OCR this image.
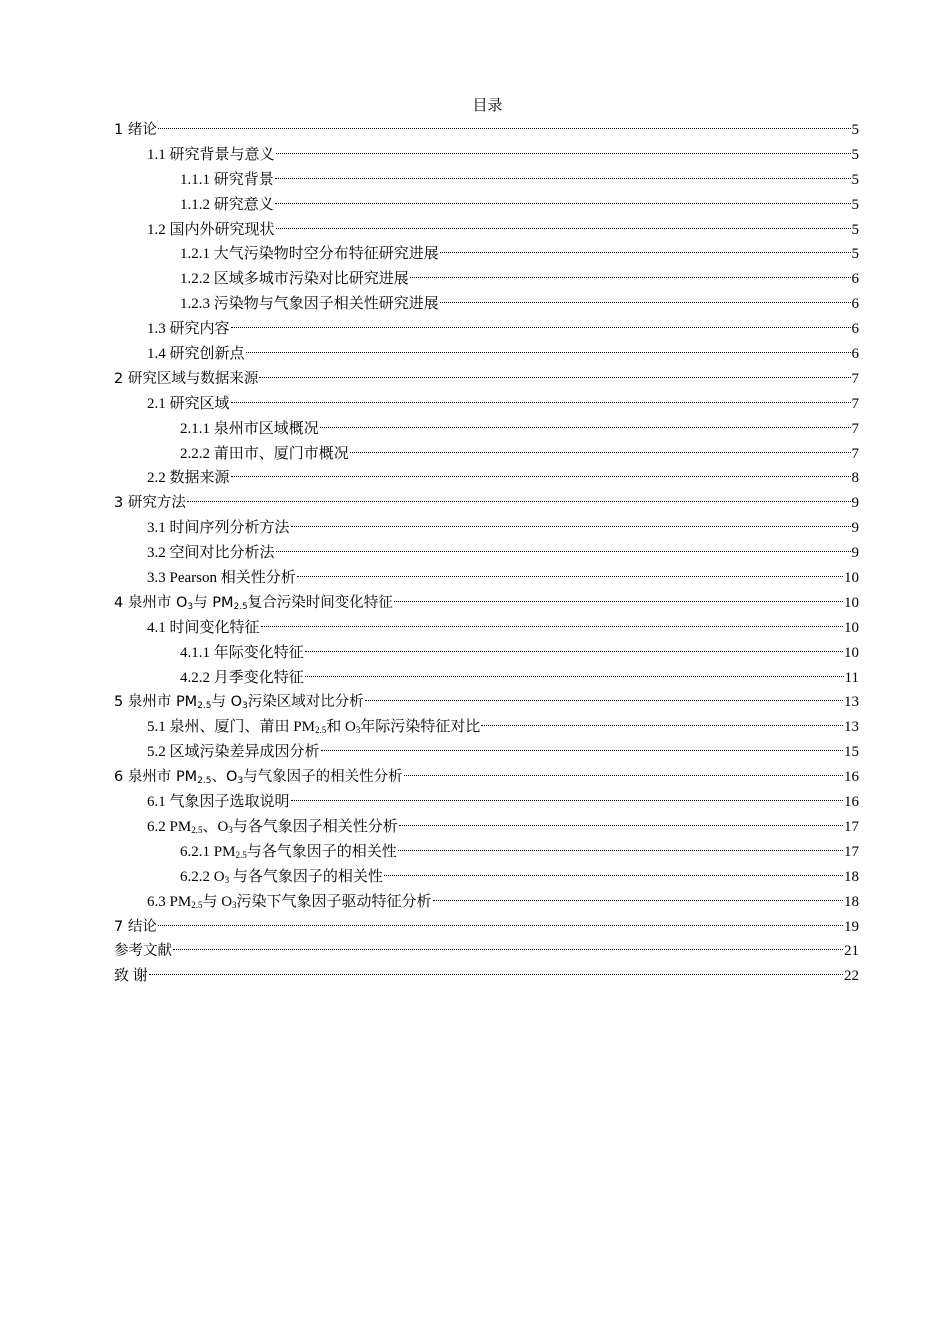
目录
1 绪论	5
1.1 研究背景与意义	5
1.1.1 研究背景	5
1.1.2 研究意义	5
1.2 国内外研究现状	5
1.2.1 大气污染物时空分布特征研究进展	5
1.2.2 区域多城市污染对比研究进展	6
1.2.3 污染物与气象因子相关性研究进展	6
1.3 研究内容	6
1.4 研究创新点	6
2 研究区域与数据来源	7
2.1 研究区域	7
2.1.1 泉州市区域概况	7
2.2.2 莆田市、厦门市概况	7
2.2 数据来源	8
3 研究方法	9
3.1 时间序列分析方法	9
3.2 空间对比分析法	9
3.3 Pearson 相关性分析	10
4 泉州市 $O_3$与 $PM_{2.5}$复合污染时间变化特征	10
4.1 时间变化特征	10
4.1.1 年际变化特征	10
4.2.2 月季变化特征	11
5 泉州市 $PM_{2.5}$与 $O_3$污染区域对比分析	13
5.1 泉州、厦门、莆田 $PM_{2.5}$和 $O_3$年际污染特征对比	13
5.2 区域污染差异成因分析	15
6 泉州市 $PM_{2.5}$、$O_3$与气象因子的相关性分析	16
6.1 气象因子选取说明	16
6.2 $PM_{2.5}$、$O_3$与各气象因子相关性分析	17
6.2.1 $PM_{2.5}$与各气象因子的相关性	17
6.2.2 $O_3$ 与各气象因子的相关性	18
6.3 $PM_{2.5}$与 $O_3$污染下气象因子驱动特征分析	18
7 结论	19
参考文献	21
致 谢	22
